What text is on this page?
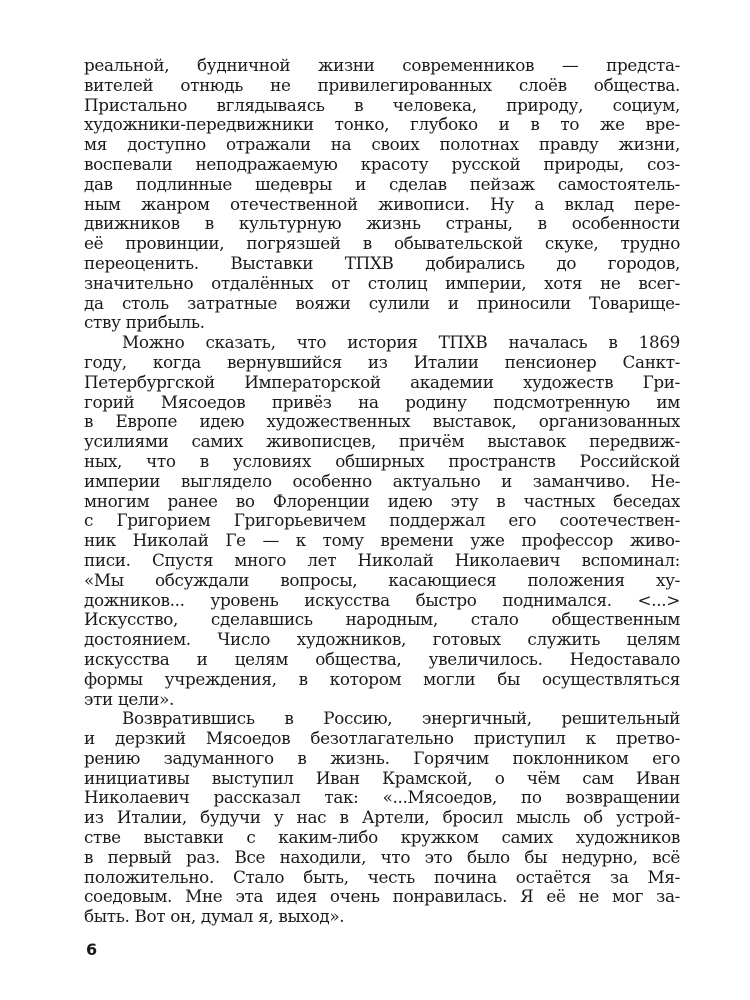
реальной, будничной жизни современников — предста-
вителей отнюдь не привилегированных слоёв общества.
Пристально вглядываясь в человека, природу, социум,
художники-передвижники тонко, глубоко и в то же вре-
мя доступно отражали на своих полотнах правду жизни,
воспевали неподражаемую красоту русской природы, соз-
дав подлинные шедевры и сделав пейзаж самостоятель-
ным жанром отечественной живописи. Ну а вклад пере-
движников в культурную жизнь страны, в особенности
её провинции, погрязшей в обывательской скуке, трудно
переоценить. Выставки ТПХВ добирались до городов,
значительно отдалённых от столиц империи, хотя не всег-
да столь затратные вояжи сулили и приносили Товарище-
ству прибыль.
Можно сказать, что история ТПХВ началась в 1869
году, когда вернувшийся из Италии пенсионер Санкт-
Петербургской Императорской академии художеств Гри-
горий Мясоедов привёз на родину подсмотренную им
в Европе идею художественных выставок, организованных
усилиями самих живописцев, причём выставок передвиж-
ных, что в условиях обширных пространств Российской
империи выглядело особенно актуально и заманчиво. Не-
многим ранее во Флоренции идею эту в частных беседах
с Григорием Григорьевичем поддержал его соотечествен-
ник Николай Ге — к тому времени уже профессор живо-
писи. Спустя много лет Николай Николаевич вспоминал:
«Мы обсуждали вопросы, касающиеся положения ху-
дожников... уровень искусства быстро поднимался. <...>
Искусство, сделавшись народным, стало общественным
достоянием. Число художников, готовых служить целям
искусства и целям общества, увеличилось. Недоставало
формы учреждения, в котором могли бы осуществляться
эти цели».
Возвратившись в Россию, энергичный, решительный
и дерзкий Мясоедов безотлагательно приступил к претво-
рению задуманного в жизнь. Горячим поклонником его
инициативы выступил Иван Крамской, о чём сам Иван
Николаевич рассказал так: «...Мясоедов, по возвращении
из Италии, будучи у нас в Артели, бросил мысль об устрой-
стве выставки с каким-либо кружком самих художников
в первый раз. Все находили, что это было бы недурно, всё
положительно. Стало быть, честь почина остаётся за Мя-
соедовым. Мне эта идея очень понравилась. Я её не мог за-
быть. Вот он, думал я, выход».
6
